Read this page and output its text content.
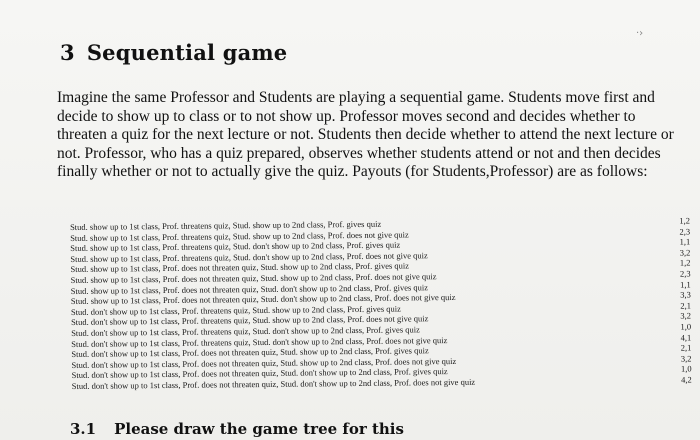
·›
3 Sequential game

Imagine the same Professor and Students are playing a sequential game. Students move first and decide to show up to class or to not show up. Professor moves second and decides whether to threaten a quiz for the next lecture or not. Students then decide whether to attend the next lecture or not. Professor, who has a quiz prepared, observes whether students attend or not and then decides finally whether or not to actually give the quiz. Payouts (for Students,Professor) are as follows:

Stud. show up to 1st class, Prof. threatens quiz, Stud. show up to 2nd class, Prof. gives quiz	1,2
Stud. show up to 1st class, Prof. threatens quiz, Stud. show up to 2nd class, Prof. does not give quiz	2,3
Stud. show up to 1st class, Prof. threatens quiz, Stud. don't show up to 2nd class, Prof. gives quiz	1,1
Stud. show up to 1st class, Prof. threatens quiz, Stud. don't show up to 2nd class, Prof. does not give quiz	3,2
Stud. show up to 1st class, Prof. does not threaten quiz, Stud. show up to 2nd class, Prof. gives quiz	1,2
Stud. show up to 1st class, Prof. does not threaten quiz, Stud. show up to 2nd class, Prof. does not give quiz	2,3
Stud. show up to 1st class, Prof. does not threaten quiz, Stud. don't show up to 2nd class, Prof. gives quiz	1,1
Stud. show up to 1st class, Prof. does not threaten quiz, Stud. don't show up to 2nd class, Prof. does not give quiz	3,3
Stud. don't show up to 1st class, Prof. threatens quiz, Stud. show up to 2nd class, Prof. gives quiz	2,1
Stud. don't show up to 1st class, Prof. threatens quiz, Stud. show up to 2nd class, Prof. does not give quiz	3,2
Stud. don't show up to 1st class, Prof. threatens quiz, Stud. don't show up to 2nd class, Prof. gives quiz	1,0
Stud. don't show up to 1st class, Prof. threatens quiz, Stud. don't show up to 2nd class, Prof. does not give quiz	4,1
Stud. don't show up to 1st class, Prof. does not threaten quiz, Stud. show up to 2nd class, Prof. gives quiz	2,1
Stud. don't show up to 1st class, Prof. does not threaten quiz, Stud. show up to 2nd class, Prof. does not give quiz	3,2
Stud. don't show up to 1st class, Prof. does not threaten quiz, Stud. don't show up to 2nd class, Prof. gives quiz	1,0
Stud. don't show up to 1st class, Prof. does not threaten quiz, Stud. don't show up to 2nd class, Prof. does not give quiz	4,2
3.1 Please draw the game tree for this
